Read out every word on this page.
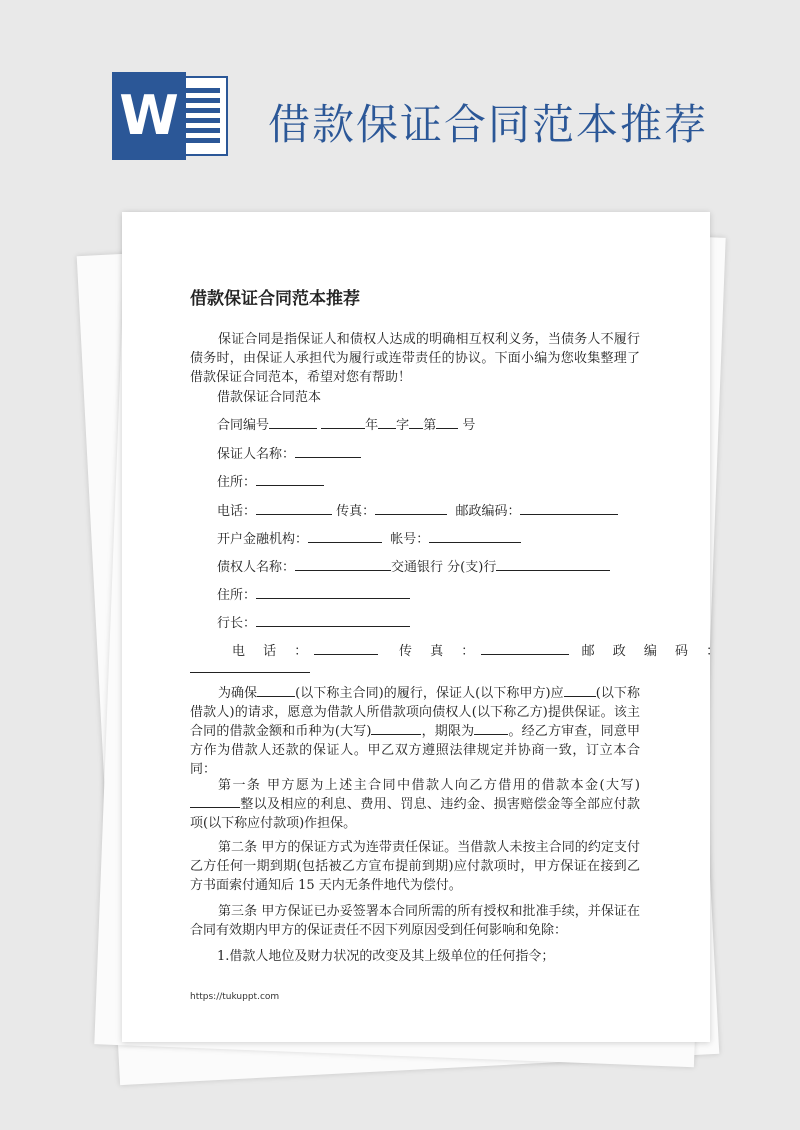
W 借款保证合同范本推荐
借款保证合同范本推荐
保证合同是指保证人和债权人达成的明确相互权利义务，当债务人不履行债务时，由保证人承担代为履行或连带责任的协议。下面小编为您收集整理了借款保证合同范本，希望对您有帮助！
借款保证合同范本
合同编号	年 字 第 号
保证人名称：
住所：
电话：	传真：	邮政编码：
开户金融机构：	帐号：
债权人名称：	交通银行 分(支)行
住所：
行长：
电 话 ：	传 真 ：	邮 政 编 码 ：
为确保	(以下称主合同)的履行，保证人(以下称甲方)应 (以下称借款人)的请求，愿意为借款人所借款项向债权人(以下称乙方)提供保证。该主合同的借款金额和币种为(大写)	，期限为	。经乙方审查，同意甲方作为借款人还款的保证人。甲乙双方遵照法律规定并协商一致，订立本合同：
第一条 甲方愿为上述主合同中借款人向乙方借用的借款本金(大写)整以及相应的利息、费用、罚息、违约金、损害赔偿金等全部应付款项(以下称应付款项)作担保。
第二条 甲方的保证方式为连带责任保证。当借款人未按主合同的约定支付乙方任何一期到期(包括被乙方宣布提前到期)应付款项时，甲方保证在接到乙方书面索付通知后 15 天内无条件地代为偿付。
第三条 甲方保证已办妥签署本合同所需的所有授权和批准手续，并保证在合同有效期内甲方的保证责任不因下列原因受到任何影响和免除：
1.借款人地位及财力状况的改变及其上级单位的任何指令；
https://tukuppt.com
